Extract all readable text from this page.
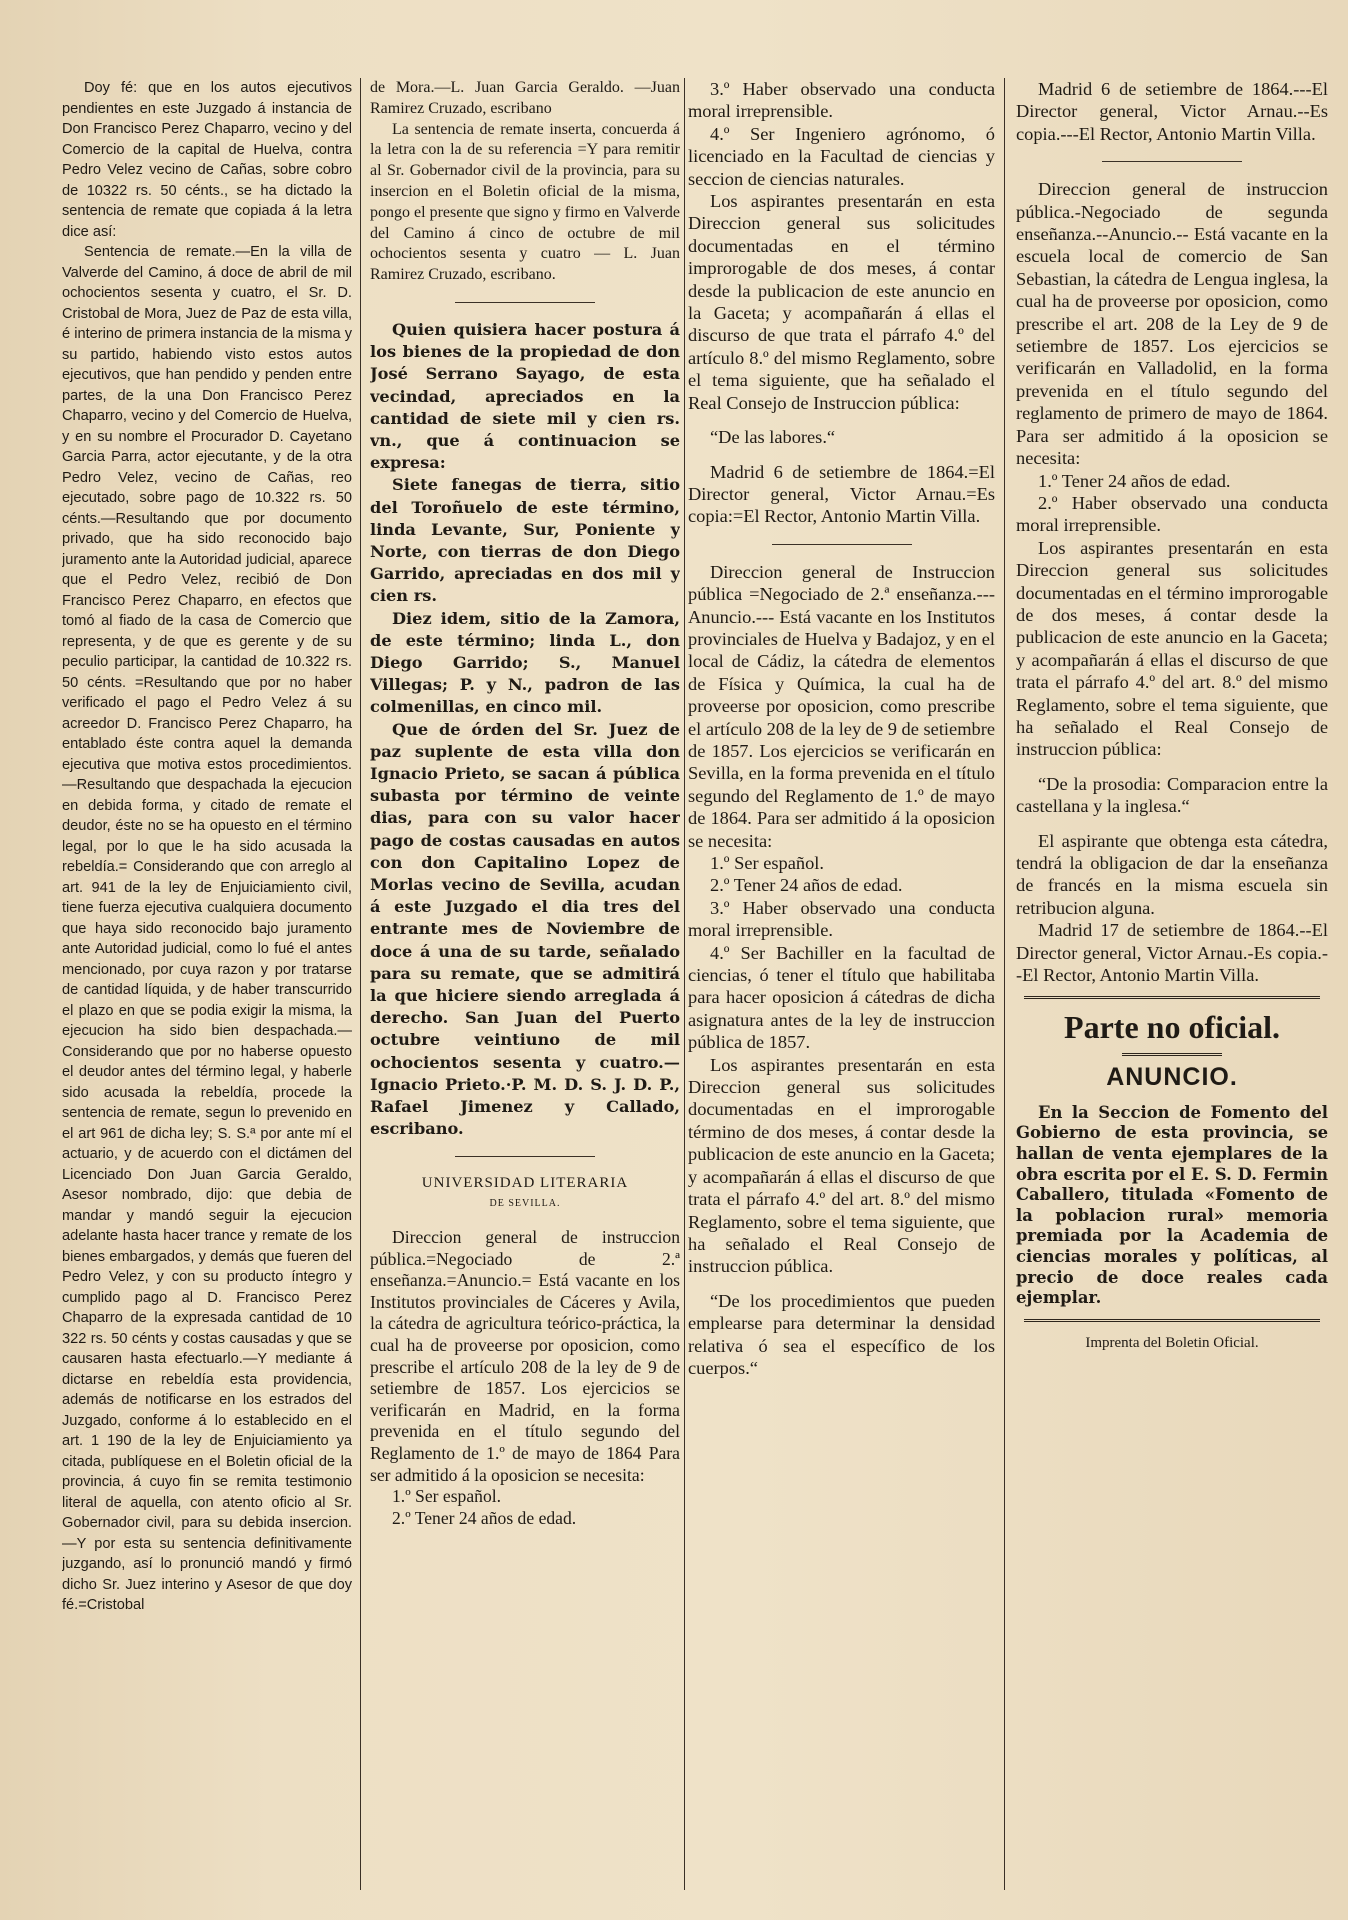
Doy fé: que en los autos ejecutivos pendientes en este Juzgado á instancia de Don Francisco Perez Chaparro, vecino y del Comercio de la capital de Huelva, contra Pedro Velez vecino de Cañas, sobre cobro de 10322 rs. 50 cénts., se ha dictado la sentencia de remate que copiada á la letra dice así:

Sentencia de remate.—En la villa de Valverde del Camino, á doce de abril de mil ochocientos sesenta y cuatro, el Sr. D. Cristobal de Mora, Juez de Paz de esta villa, é interino de primera instancia de la misma y su partido, habiendo visto estos autos ejecutivos, que han pendido y penden entre partes, de la una Don Francisco Perez Chaparro, vecino y del Comercio de Huelva, y en su nombre el Procurador D. Cayetano Garcia Parra, actor ejecutante, y de la otra Pedro Velez, vecino de Cañas, reo ejecutado, sobre pago de 10.322 rs. 50 cénts.—Resultando que por documento privado, que ha sido reconocido bajo juramento ante la Autoridad judicial, aparece que el Pedro Velez, recibió de Don Francisco Perez Chaparro, en efectos que tomó al fiado de la casa de Comercio que representa, y de que es gerente y de su peculio participar, la cantidad de 10.322 rs. 50 cénts. =Resultando que por no haber verificado el pago el Pedro Velez á su acreedor D. Francisco Perez Chaparro, ha entablado éste contra aquel la demanda ejecutiva que motiva estos procedimientos.—Resultando que despachada la ejecucion en debida forma, y citado de remate el deudor, éste no se ha opuesto en el término legal, por lo que le ha sido acusada la rebeldía.= Considerando que con arreglo al art. 941 de la ley de Enjuiciamiento civil, tiene fuerza ejecutiva cualquiera documento que haya sido reconocido bajo juramento ante Autoridad judicial, como lo fué el antes mencionado, por cuya razon y por tratarse de cantidad líquida, y de haber transcurrido el plazo en que se podia exigir la misma, la ejecucion ha sido bien despachada.—Considerando que por no haberse opuesto el deudor antes del término legal, y haberle sido acusada la rebeldía, procede la sentencia de remate, segun lo prevenido en el art 961 de dicha ley; S. S.ª por ante mí el actuario, y de acuerdo con el dictámen del Licenciado Don Juan Garcia Geraldo, Asesor nombrado, dijo: que debia de mandar y mandó seguir la ejecucion adelante hasta hacer trance y remate de los bienes embargados, y demás que fueren del Pedro Velez, y con su producto íntegro y cumplido pago al D. Francisco Perez Chaparro de la expresada cantidad de 10 322 rs. 50 cénts y costas causadas y que se causaren hasta efectuarlo.—Y mediante á dictarse en rebeldía esta providencia, además de notificarse en los estrados del Juzgado, conforme á lo establecido en el art. 1 190 de la ley de Enjuiciamiento ya citada, publíquese en el Boletin oficial de la provincia, á cuyo fin se remita testimonio literal de aquella, con atento oficio al Sr. Gobernador civil, para su debida insercion.—Y por esta su sentencia definitivamente juzgando, así lo pronunció mandó y firmó dicho Sr. Juez interino y Asesor de que doy fé.=Cristobal

de Mora.—L. Juan Garcia Geraldo. —Juan Ramirez Cruzado, escribano

La sentencia de remate inserta, concuerda á la letra con la de su referencia =Y para remitir al Sr. Gobernador civil de la provincia, para su insercion en el Boletin oficial de la misma, pongo el presente que signo y firmo en Valverde del Camino á cinco de octubre de mil ochocientos sesenta y cuatro — L. Juan Ramirez Cruzado, escribano.

Quien quisiera hacer postura á los bienes de la propiedad de don José Serrano Sayago, de esta vecindad, apreciados en la cantidad de siete mil y cien rs. vn., que á continuacion se expresa:

Siete fanegas de tierra, sitio del Toroñuelo de este término, linda Levante, Sur, Poniente y Norte, con tierras de don Diego Garrido, apreciadas en dos mil y cien rs.

Diez idem, sitio de la Zamora, de este término; linda L., don Diego Garrido; S., Manuel Villegas; P. y N., padron de las colmenillas, en cinco mil.

Que de órden del Sr. Juez de paz suplente de esta villa don Ignacio Prieto, se sacan á pública subasta por término de veinte dias, para con su valor hacer pago de costas causadas en autos con don Capitalino Lopez de Morlas vecino de Sevilla, acudan á este Juzgado el dia tres del entrante mes de Noviembre de doce á una de su tarde, señalado para su remate, que se admitirá la que hiciere siendo arreglada á derecho. San Juan del Puerto octubre veintiuno de mil ochocientos sesenta y cuatro.—Ignacio Prieto.·P. M. D. S. J. D. P., Rafael Jimenez y Callado, escribano.

UNIVERSIDAD LITERARIA
DE SEVILLA.

Direccion general de instruccion pública.=Negociado de 2.ª enseñanza.=Anuncio.= Está vacante en los Institutos provinciales de Cáceres y Avila, la cátedra de agricultura teórico-práctica, la cual ha de proveerse por oposicion, como prescribe el artículo 208 de la ley de 9 de setiembre de 1857. Los ejercicios se verificarán en Madrid, en la forma prevenida en el título segundo del Reglamento de 1.º de mayo de 1864 Para ser admitido á la oposicion se necesita:

1.º Ser español.

2.º Tener 24 años de edad.

3.º Haber observado una conducta moral irreprensible.

4.º Ser Ingeniero agrónomo, ó licenciado en la Facultad de ciencias y seccion de ciencias naturales.

Los aspirantes presentarán en esta Direccion general sus solicitudes documentadas en el término improrogable de dos meses, á contar desde la publicacion de este anuncio en la Gaceta; y acompañarán á ellas el discurso de que trata el párrafo 4.º del artículo 8.º del mismo Reglamento, sobre el tema siguiente, que ha señalado el Real Consejo de Instruccion pública:

“De las labores.“

Madrid 6 de setiembre de 1864.=El Director general, Victor Arnau.=Es copia:=El Rector, Antonio Martin Villa.

Direccion general de Instruccion pública =Negociado de 2.ª enseñanza.---Anuncio.--- Está vacante en los Institutos provinciales de Huelva y Badajoz, y en el local de Cádiz, la cátedra de elementos de Física y Química, la cual ha de proveerse por oposicion, como prescribe el artículo 208 de la ley de 9 de setiembre de 1857. Los ejercicios se verificarán en Sevilla, en la forma prevenida en el título segundo del Reglamento de 1.º de mayo de 1864. Para ser admitido á la oposicion se necesita:

1.º Ser español.

2.º Tener 24 años de edad.

3.º Haber observado una conducta moral irreprensible.

4.º Ser Bachiller en la facultad de ciencias, ó tener el título que habilitaba para hacer oposicion á cátedras de dicha asignatura antes de la ley de instruccion pública de 1857.

Los aspirantes presentarán en esta Direccion general sus solicitudes documentadas en el improrogable término de dos meses, á contar desde la publicacion de este anuncio en la Gaceta; y acompañarán á ellas el discurso de que trata el párrafo 4.º del art. 8.º del mismo Reglamento, sobre el tema siguiente, que ha señalado el Real Consejo de instruccion pública.

“De los procedimientos que pueden emplearse para determinar la densidad relativa ó sea el específico de los cuerpos.“

Madrid 6 de setiembre de 1864.---El Director general, Victor Arnau.--Es copia.---El Rector, Antonio Martin Villa.

Direccion general de instruccion pública.-Negociado de segunda enseñanza.--Anuncio.-- Está vacante en la escuela local de comercio de San Sebastian, la cátedra de Lengua inglesa, la cual ha de proveerse por oposicion, como prescribe el art. 208 de la Ley de 9 de setiembre de 1857. Los ejercicios se verificarán en Valladolid, en la forma prevenida en el título segundo del reglamento de primero de mayo de 1864. Para ser admitido á la oposicion se necesita:

1.º Tener 24 años de edad.

2.º Haber observado una conducta moral irreprensible.

Los aspirantes presentarán en esta Direccion general sus solicitudes documentadas en el término improrogable de dos meses, á contar desde la publicacion de este anuncio en la Gaceta; y acompañarán á ellas el discurso de que trata el párrafo 4.º del art. 8.º del mismo Reglamento, sobre el tema siguiente, que ha señalado el Real Consejo de instruccion pública:

“De la prosodia: Comparacion entre la castellana y la inglesa.“

El aspirante que obtenga esta cátedra, tendrá la obligacion de dar la enseñanza de francés en la misma escuela sin retribucion alguna.

Madrid 17 de setiembre de 1864.--El Director general, Victor Arnau.-Es copia.--El Rector, Antonio Martin Villa.

Parte no oficial.
ANUNCIO.

En la Seccion de Fomento del Gobierno de esta provincia, se hallan de venta ejemplares de la obra escrita por el E. S. D. Fermin Caballero, titulada «Fomento de la poblacion rural» memoria premiada por la Academia de ciencias morales y políticas, al precio de doce reales cada ejemplar.

Imprenta del Boletin Oficial.
